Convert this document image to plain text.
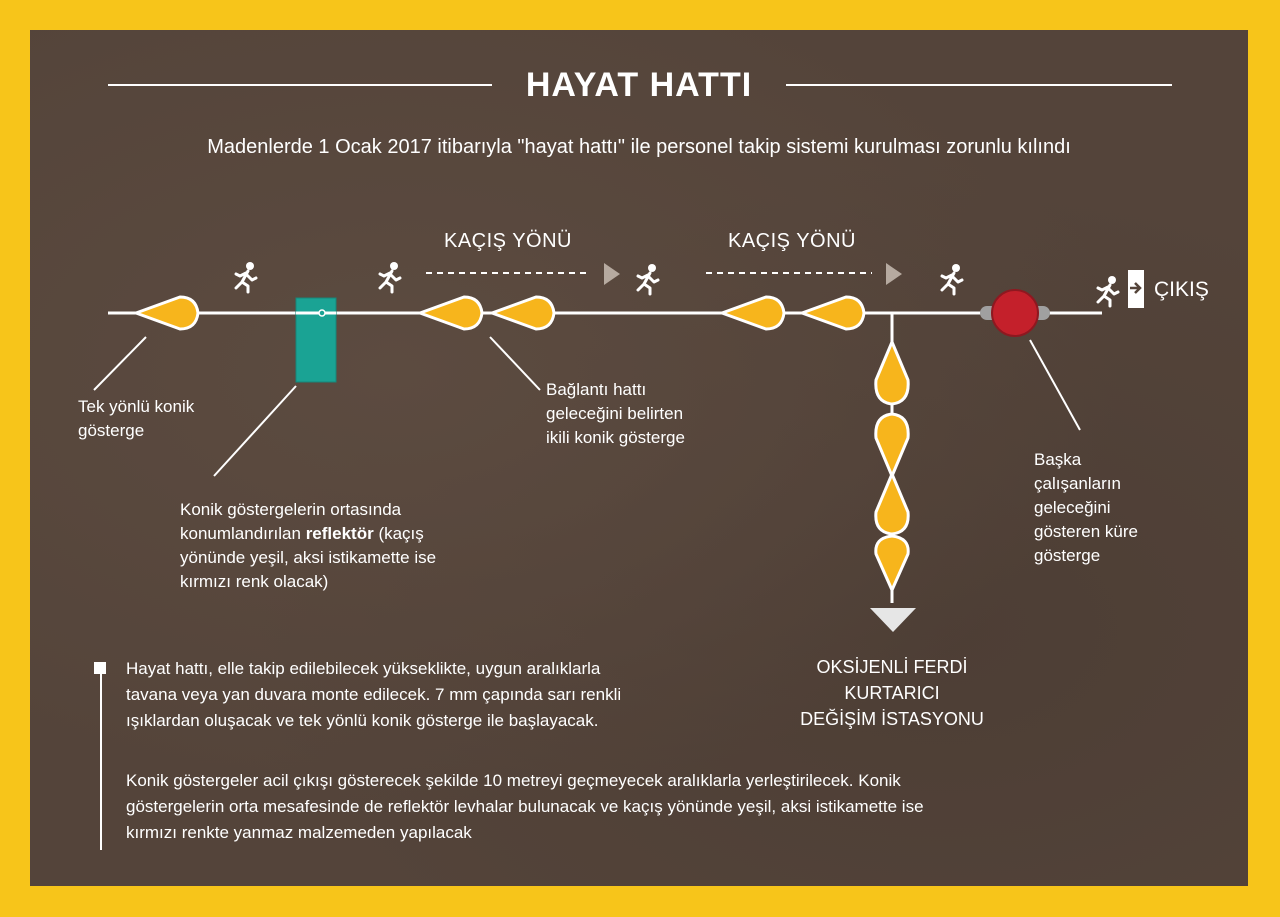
HAYAT HATTI
Madenlerde 1 Ocak 2017 itibarıyla "hayat hattı" ile personel takip sistemi kurulması zorunlu kılındı
KAÇIŞ YÖNÜ	KAÇIŞ YÖNÜ
ÇIKIŞ
Tek yönlü konik
gösterge
Konik göstergelerin ortasında
konumlandırılan reflektör (kaçış
yönünde yeşil, aksi istikamette ise
kırmızı renk olacak)
Bağlantı hattı
geleceğini belirten
ikili konik gösterge
Başka
çalışanların
geleceğini
gösteren küre
gösterge
OKSİJENLİ FERDİ
KURTARICI
DEĞİŞİM İSTASYONU
Hayat hattı, elle takip edilebilecek yükseklikte, uygun aralıklarla
tavana veya yan duvara monte edilecek. 7 mm çapında sarı renkli
ışıklardan oluşacak ve tek yönlü konik gösterge ile başlayacak.
Konik göstergeler acil çıkışı gösterecek şekilde 10 metreyi geçmeyecek aralıklarla yerleştirilecek. Konik
göstergelerin orta mesafesinde de reflektör levhalar bulunacak ve kaçış yönünde yeşil, aksi istikamette ise
kırmızı renkte yanmaz malzemeden yapılacak
